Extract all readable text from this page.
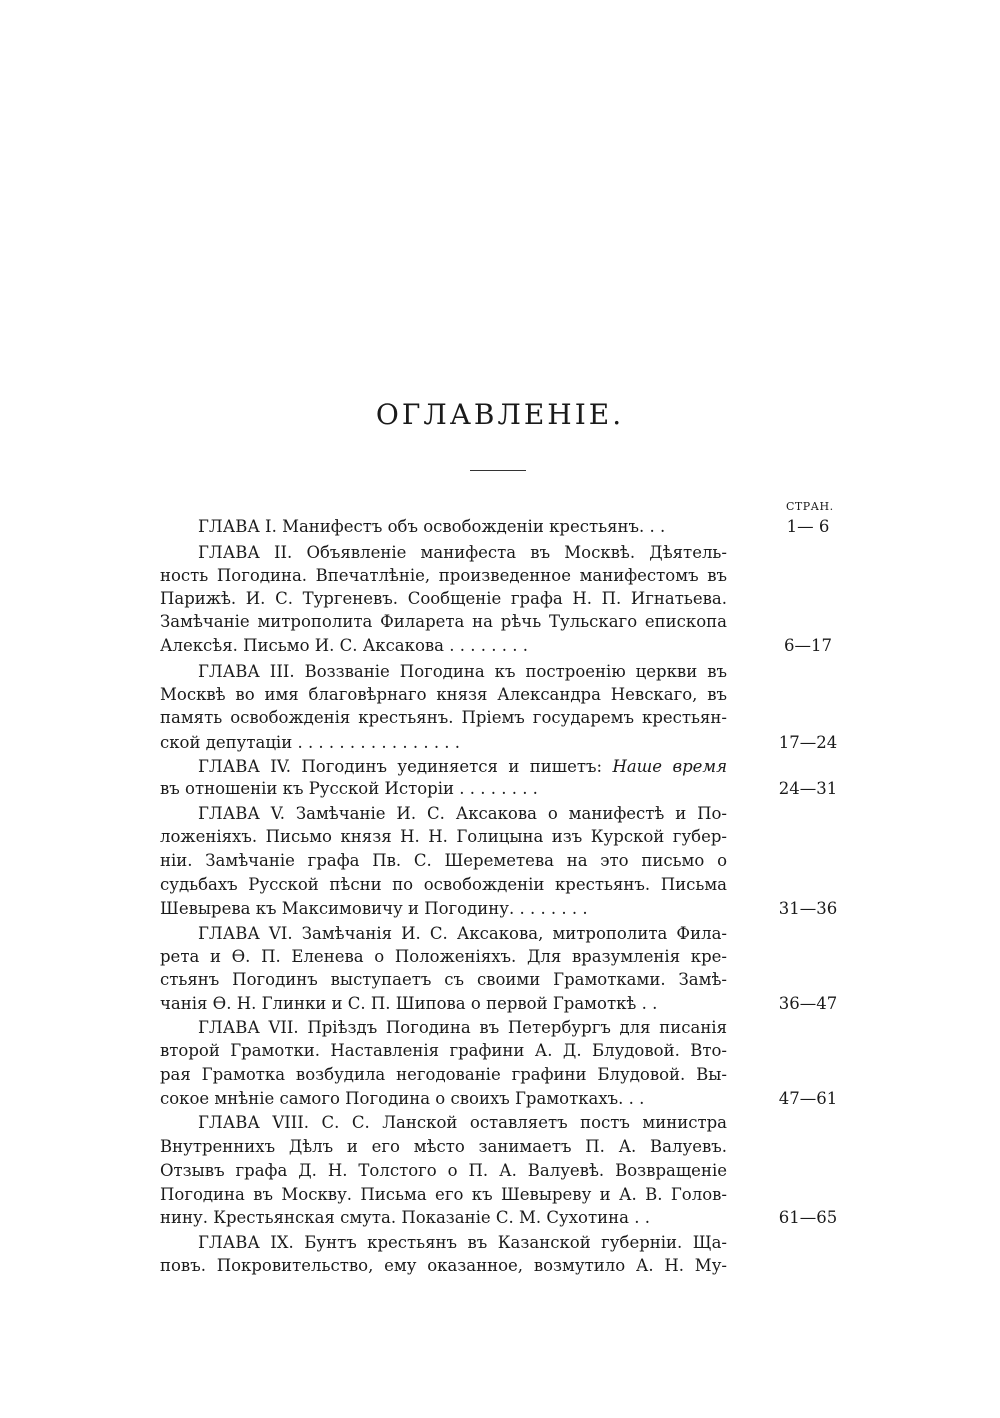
ОГЛАВЛЕНІЕ.
СТРАН.
ГЛАВА I. Манифестъ объ освобожденіи крестьянъ. . .	1— 6
ГЛАВА II. Объявленіе манифеста въ Москвѣ. Дѣятель-
ность Погодина. Впечатлѣніе, произведенное манифестомъ въ
Парижѣ. И. С. Тургеневъ. Сообщеніе графа Н. П. Игнатьева.
Замѣчаніе митрополита Филарета на рѣчь Тульскаго епископа
Алексѣя. Письмо И. С. Аксакова . . . . . . . .	6—17
ГЛАВА III. Воззваніе Погодина къ построенію церкви въ
Москвѣ во имя благовѣрнаго князя Александра Невскаго, въ
память освобожденія крестьянъ. Пріемъ государемъ крестьян-
ской депутаціи . . . . . . . . . . . . . . . .	17—24
ГЛАВА IV. Погодинъ уединяется и пишетъ: Наше время
въ отношеніи къ Русской Исторіи . . . . . . . .	24—31
ГЛАВА V. Замѣчаніе И. С. Аксакова о манифестѣ и По-
ложеніяхъ. Письмо князя Н. Н. Голицына изъ Курской губер-
ніи. Замѣчаніе графа Пв. С. Шереметева на это письмо о
судьбахъ Русской пѣсни по освобожденіи крестьянъ. Письма
Шевырева къ Максимовичу и Погодину. . . . . . . .	31—36
ГЛАВА VI. Замѣчанія И. С. Аксакова, митрополита Фила-
рета и Ѳ. П. Еленева о Положеніяхъ. Для вразумленія кре-
стьянъ Погодинъ выступаетъ съ своими Грамотками. Замѣ-
чанія Ѳ. Н. Глинки и С. П. Шипова о первой Грамоткѣ . .	36—47
ГЛАВА VII. Пріѣздъ Погодина въ Петербургъ для писанія
второй Грамотки. Наставленія графини А. Д. Блудовой. Вто-
рая Грамотка возбудила негодованіе графини Блудовой. Вы-
сокое мнѣніе самого Погодина о своихъ Грамоткахъ. . .	47—61
ГЛАВА VIII. С. С. Ланской оставляетъ постъ министра
Внутреннихъ Дѣлъ и его мѣсто занимаетъ П. А. Валуевъ.
Отзывъ графа Д. Н. Толстого о П. А. Валуевѣ. Возвращеніе
Погодина въ Москву. Письма его къ Шевыреву и А. В. Голов-
нину. Крестьянская смута. Показаніе С. М. Сухотина . .	61—65
ГЛАВА IX. Бунтъ крестьянъ въ Казанской губерніи. Щa-
повъ. Покровительство, ему оказанное, возмутило А. Н. Му-
